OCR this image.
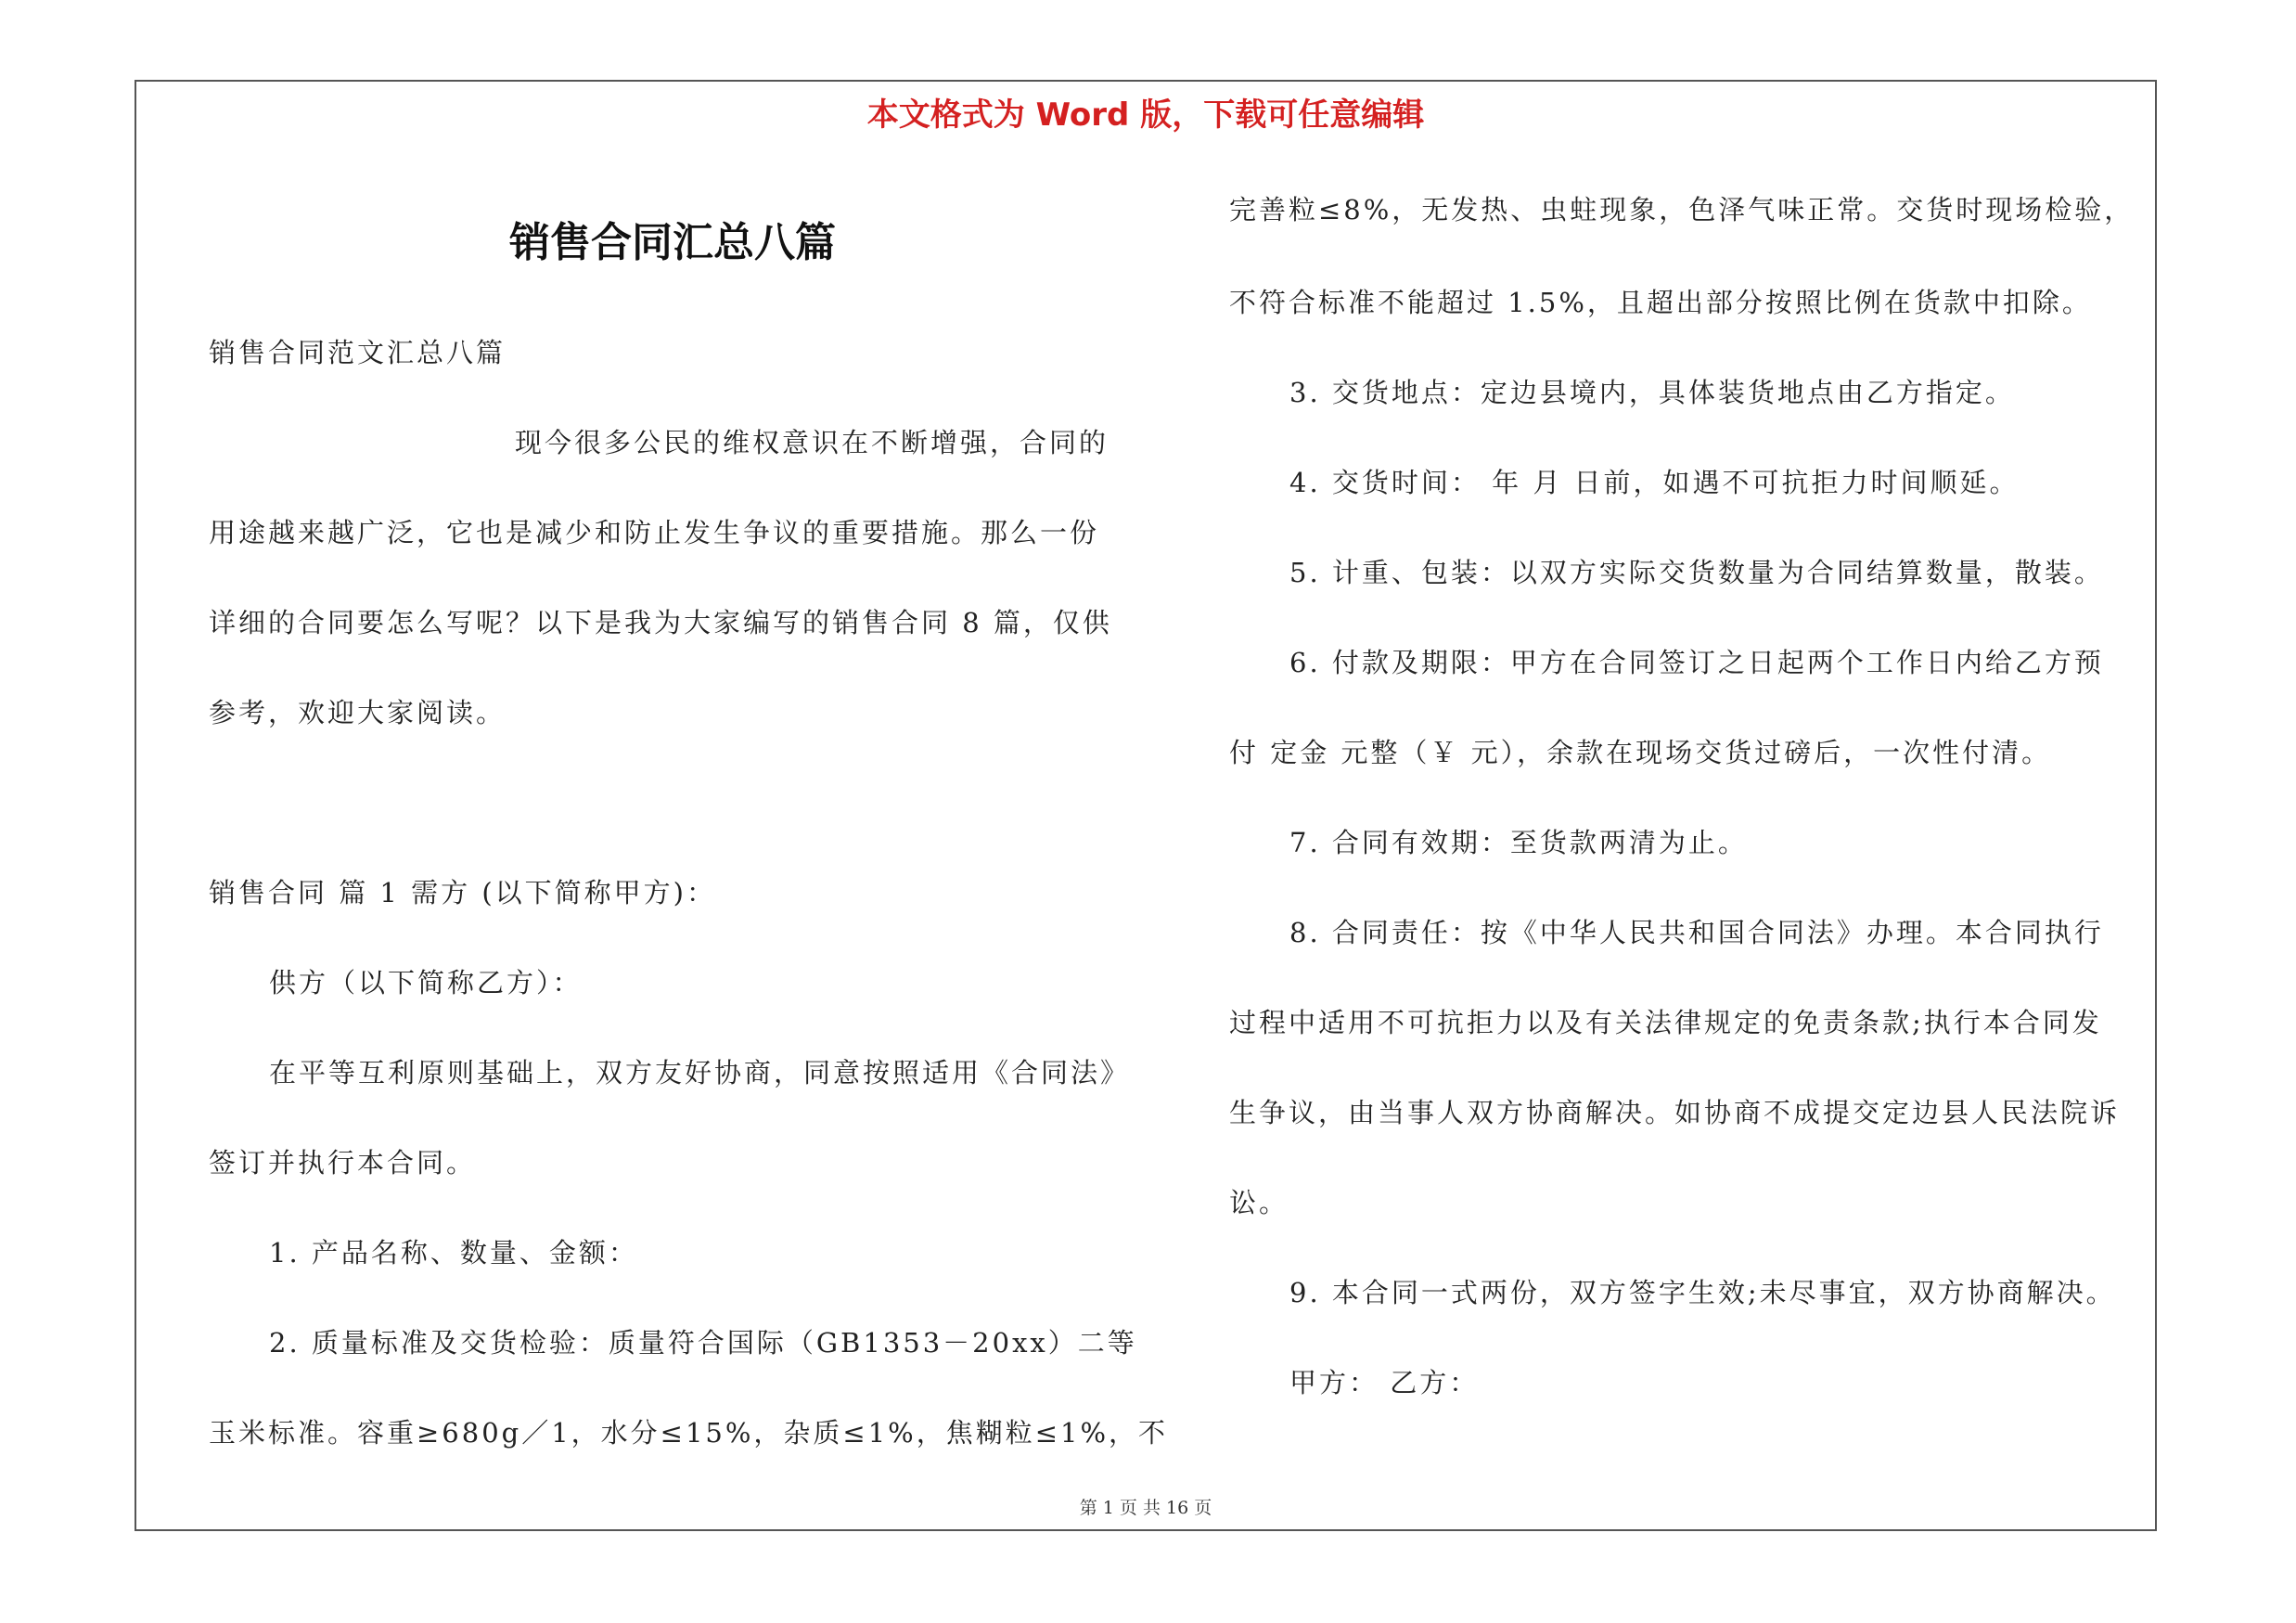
本文格式为 Word 版，下载可任意编辑
销售合同汇总八篇
销售合同范文汇总八篇
现今很多公民的维权意识在不断增强，合同的
用途越来越广泛，它也是减少和防止发生争议的重要措施。那么一份
详细的合同要怎么写呢？以下是我为大家编写的销售合同 8 篇，仅供
参考，欢迎大家阅读。
销售合同 篇 1 需方 (以下简称甲方)：
供方（以下简称乙方）：
在平等互利原则基础上，双方友好协商，同意按照适用《合同法》
签订并执行本合同。
1. 产品名称、数量、金额：
2. 质量标准及交货检验：质量符合国际（GB1353－20xx）二等
玉米标准。容重≥680g／1，水分≤15%，杂质≤1%，焦糊粒≤1%，不
完善粒≤8%，无发热、虫蛀现象，色泽气味正常。交货时现场检验，
不符合标准不能超过 1.5%，且超出部分按照比例在货款中扣除。
3. 交货地点：定边县境内，具体装货地点由乙方指定。
4. 交货时间： 年 月 日前，如遇不可抗拒力时间顺延。
5. 计重、包装：以双方实际交货数量为合同结算数量，散装。
6. 付款及期限：甲方在合同签订之日起两个工作日内给乙方预
付 定金 元整（￥ 元），余款在现场交货过磅后，一次性付清。
7. 合同有效期：至货款两清为止。
8. 合同责任：按《中华人民共和国合同法》办理。本合同执行
过程中适用不可抗拒力以及有关法律规定的免责条款;执行本合同发
生争议，由当事人双方协商解决。如协商不成提交定边县人民法院诉
讼。
9. 本合同一式两份，双方签字生效;未尽事宜，双方协商解决。
甲方： 乙方：
第 1 页 共 16 页
